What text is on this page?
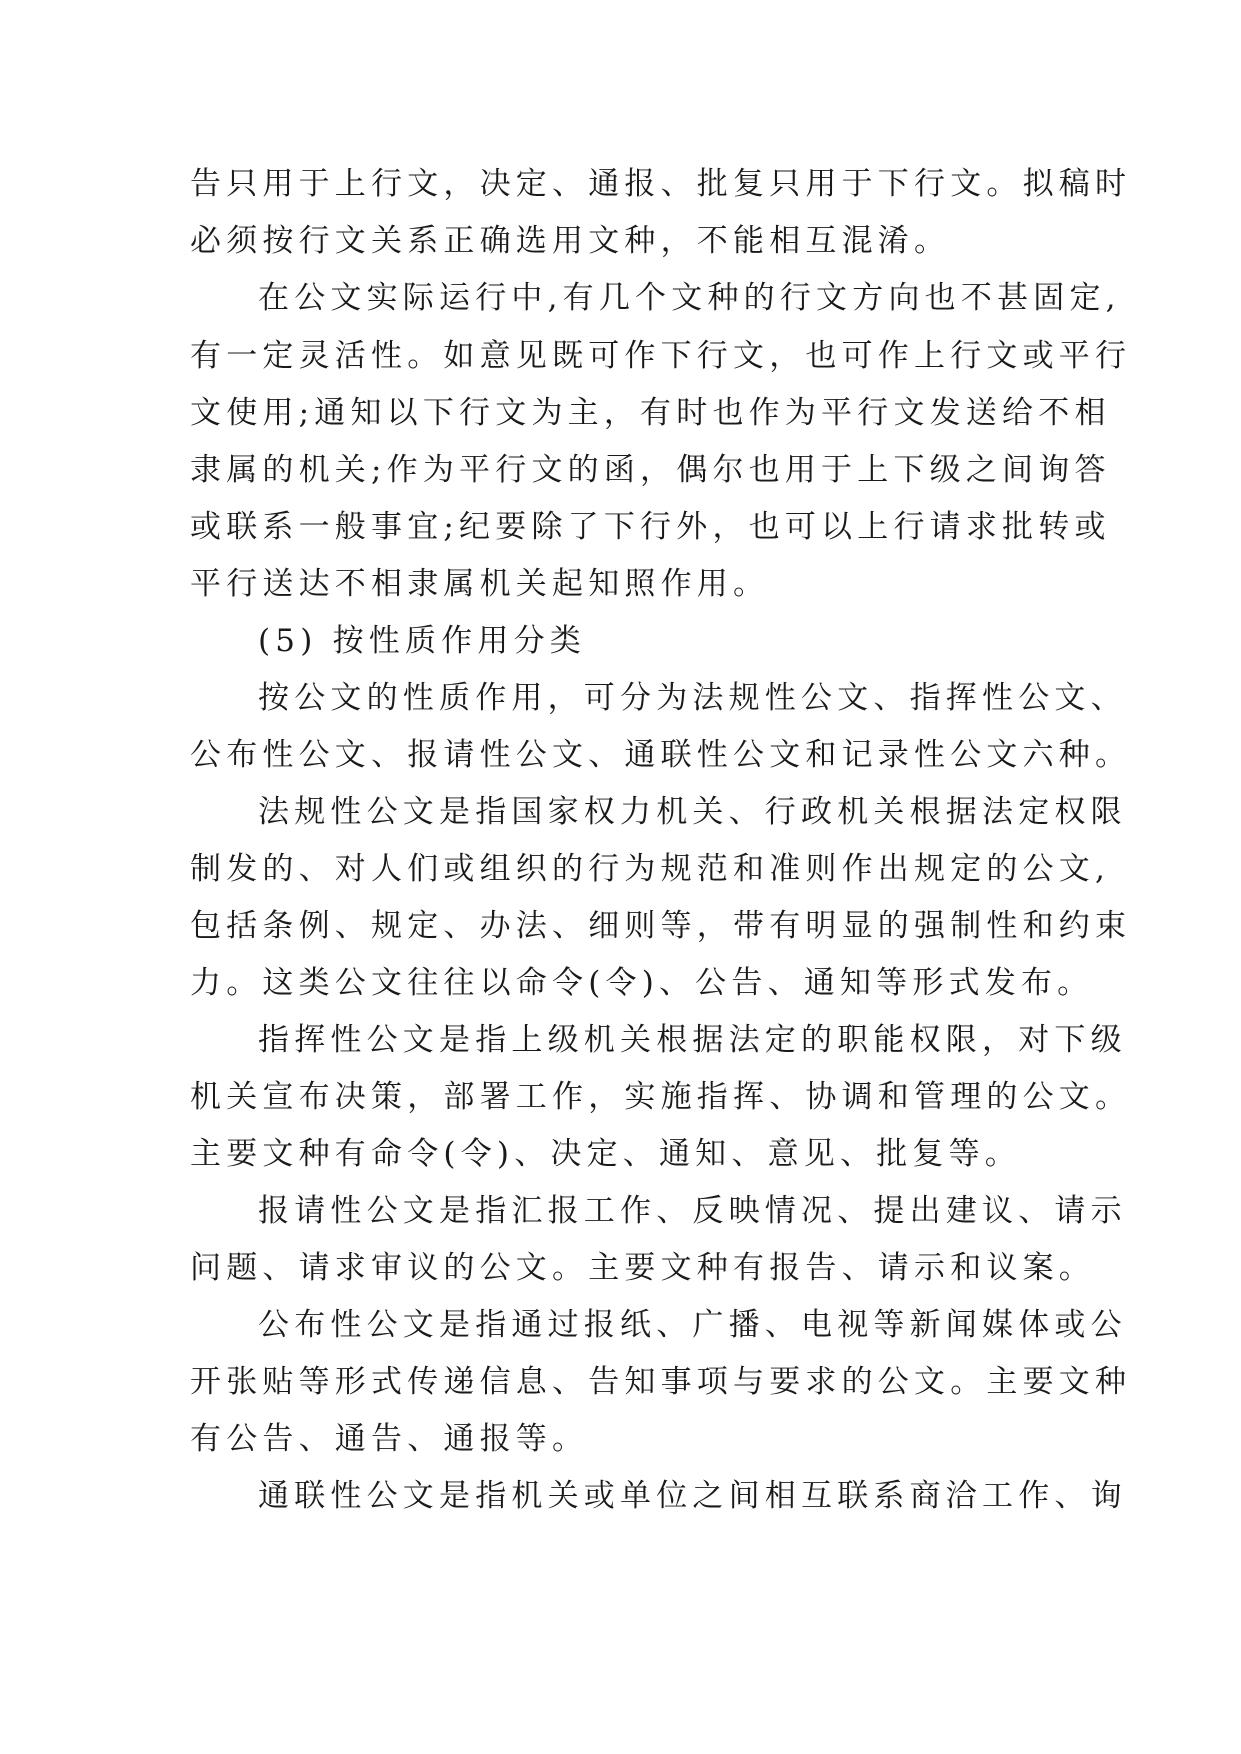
告只用于上行文，决定、通报、批复只用于下行文。拟稿时

必须按行文关系正确选用文种，不能相互混淆。

在公文实际运行中,有几个文种的行文方向也不甚固定,

有一定灵活性。如意见既可作下行文，也可作上行文或平行

文使用;通知以下行文为主，有时也作为平行文发送给不相

隶属的机关;作为平行文的函，偶尔也用于上下级之间询答

或联系一般事宜;纪要除了下行外，也可以上行请求批转或

平行送达不相隶属机关起知照作用。

(5) 按性质作用分类

按公文的性质作用，可分为法规性公文、指挥性公文、

公布性公文、报请性公文、通联性公文和记录性公文六种。

法规性公文是指国家权力机关、行政机关根据法定权限

制发的、对人们或组织的行为规范和准则作出规定的公文,

包括条例、规定、办法、细则等，带有明显的强制性和约束

力。这类公文往往以命令(令)、公告、通知等形式发布。

指挥性公文是指上级机关根据法定的职能权限，对下级

机关宣布决策，部署工作，实施指挥、协调和管理的公文。

主要文种有命令(令)、决定、通知、意见、批复等。

报请性公文是指汇报工作、反映情况、提出建议、请示

问题、请求审议的公文。主要文种有报告、请示和议案。

公布性公文是指通过报纸、广播、电视等新闻媒体或公

开张贴等形式传递信息、告知事项与要求的公文。主要文种

有公告、通告、通报等。

通联性公文是指机关或单位之间相互联系商洽工作、询
